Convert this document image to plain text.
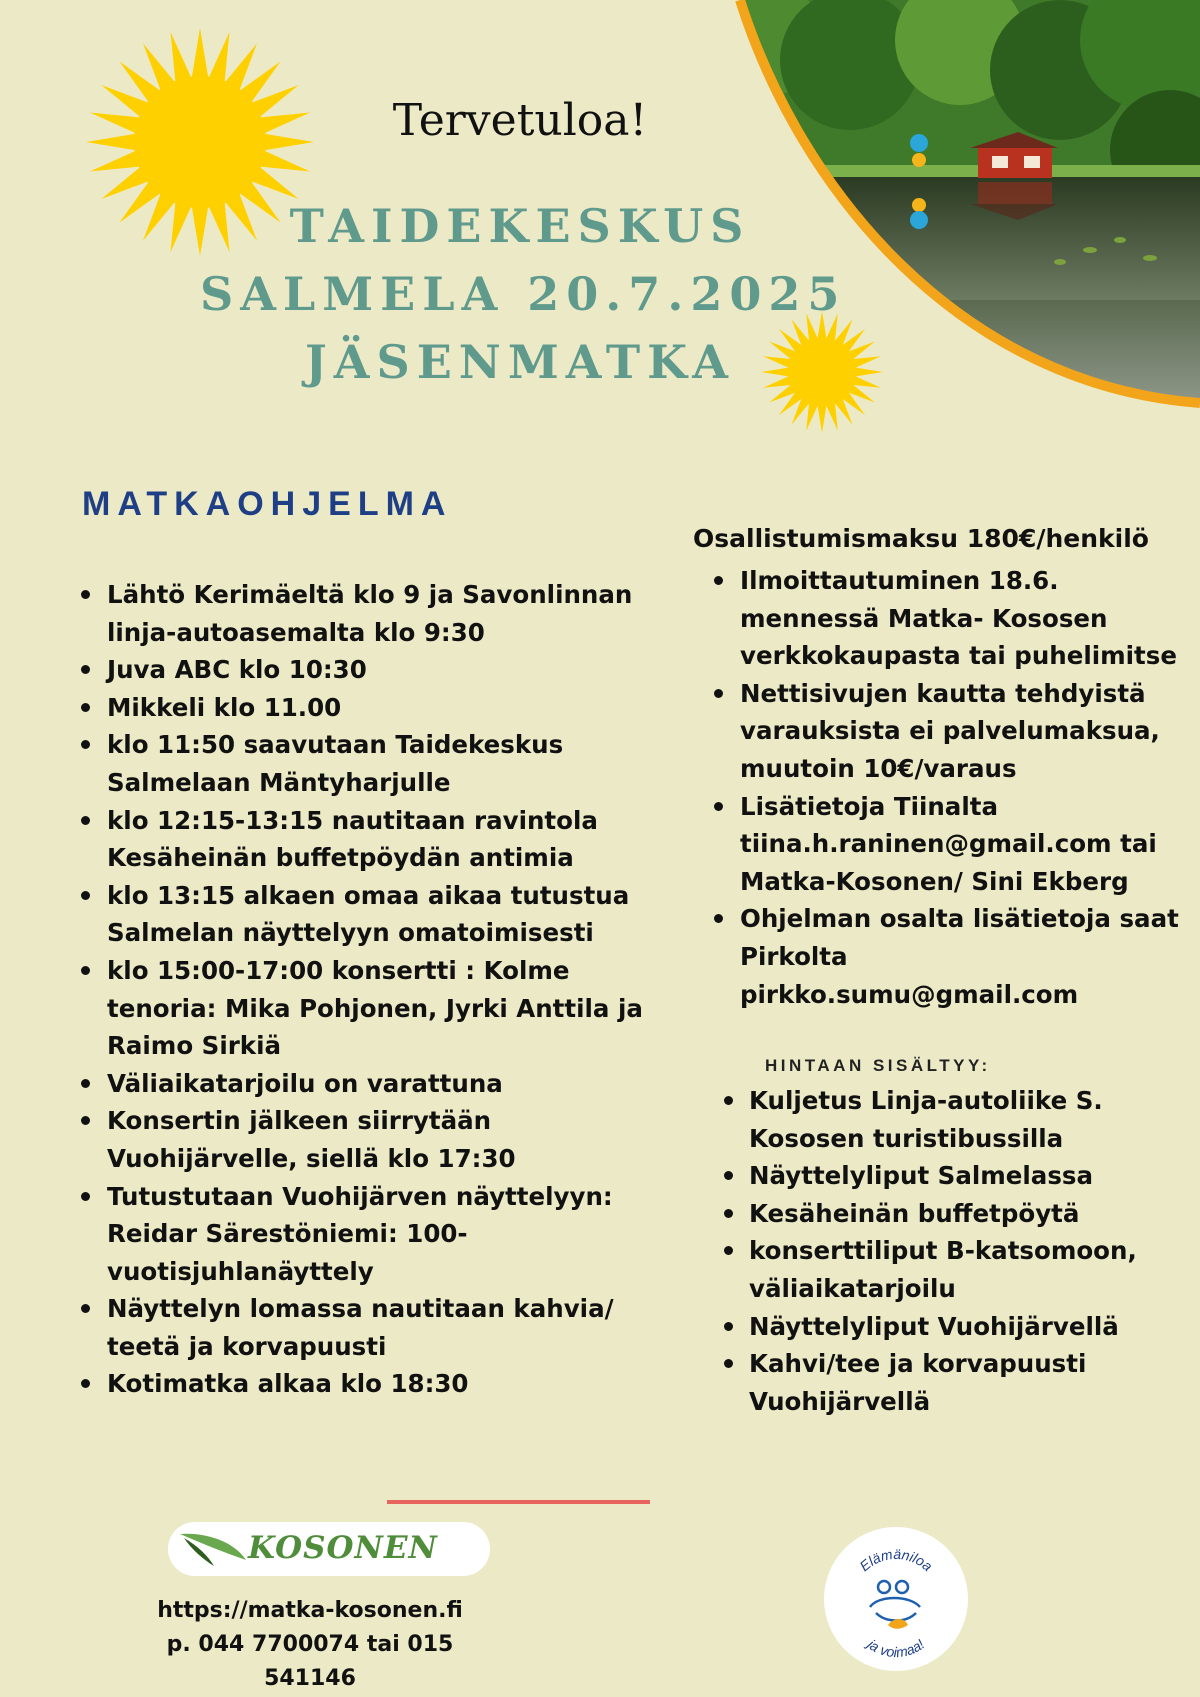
Tervetuloa!
TAIDEKESKUS
SALMELA 20.7.2025
JÄSENMATKA
MATKAOHJELMA
Lähtö Kerimäeltä klo 9 ja Savonlinnan linja-autoasemalta klo 9:30
Juva ABC klo 10:30
Mikkeli klo 11.00
klo 11:50 saavutaan Taidekeskus Salmelaan Mäntyharjulle
klo 12:15-13:15 nautitaan ravintola Kesäheinän buffetpöydän antimia
klo 13:15 alkaen omaa aikaa tutustua Salmelan näyttelyyn omatoimisesti
klo 15:00-17:00 konsertti : Kolme tenoria: Mika Pohjonen, Jyrki Anttila ja Raimo Sirkiä
Väliaikatarjoilu on varattuna
Konsertin jälkeen siirrytään Vuohijärvelle, siellä klo 17:30
Tutustutaan Vuohijärven näyttelyyn: Reidar Särestöniemi: 100-vuotisjuhlanäyttely
Näyttelyn lomassa nautitaan kahvia/ teetä ja korvapuusti
Kotimatka alkaa klo 18:30
Osallistumismaksu 180€/henkilö
Ilmoittautuminen 18.6. mennessä Matka- Kososen verkkokaupasta tai puhelimitse
Nettisivujen kautta tehdyistä varauksista ei palvelumaksua, muutoin 10€/varaus
Lisätietoja Tiinalta tiina.h.raninen@gmail.com tai Matka-Kosonen/ Sini Ekberg
Ohjelman osalta lisätietoja saat Pirkolta pirkko.sumu@gmail.com
HINTAAN SISÄLTYY:
Kuljetus Linja-autoliike S. Kososen turistibussilla
Näyttelyliput Salmelassa
Kesäheinän buffetpöytä
konserttiliput B-katsomoon, väliaikatarjoilu
Näyttelyliput Vuohijärvellä
Kahvi/tee ja korvapuusti Vuohijärvellä
KOSONEN
https://matka-kosonen.fi
p. 044 7700074 tai 015 541146
Elämäniloa
ja voimaa!
